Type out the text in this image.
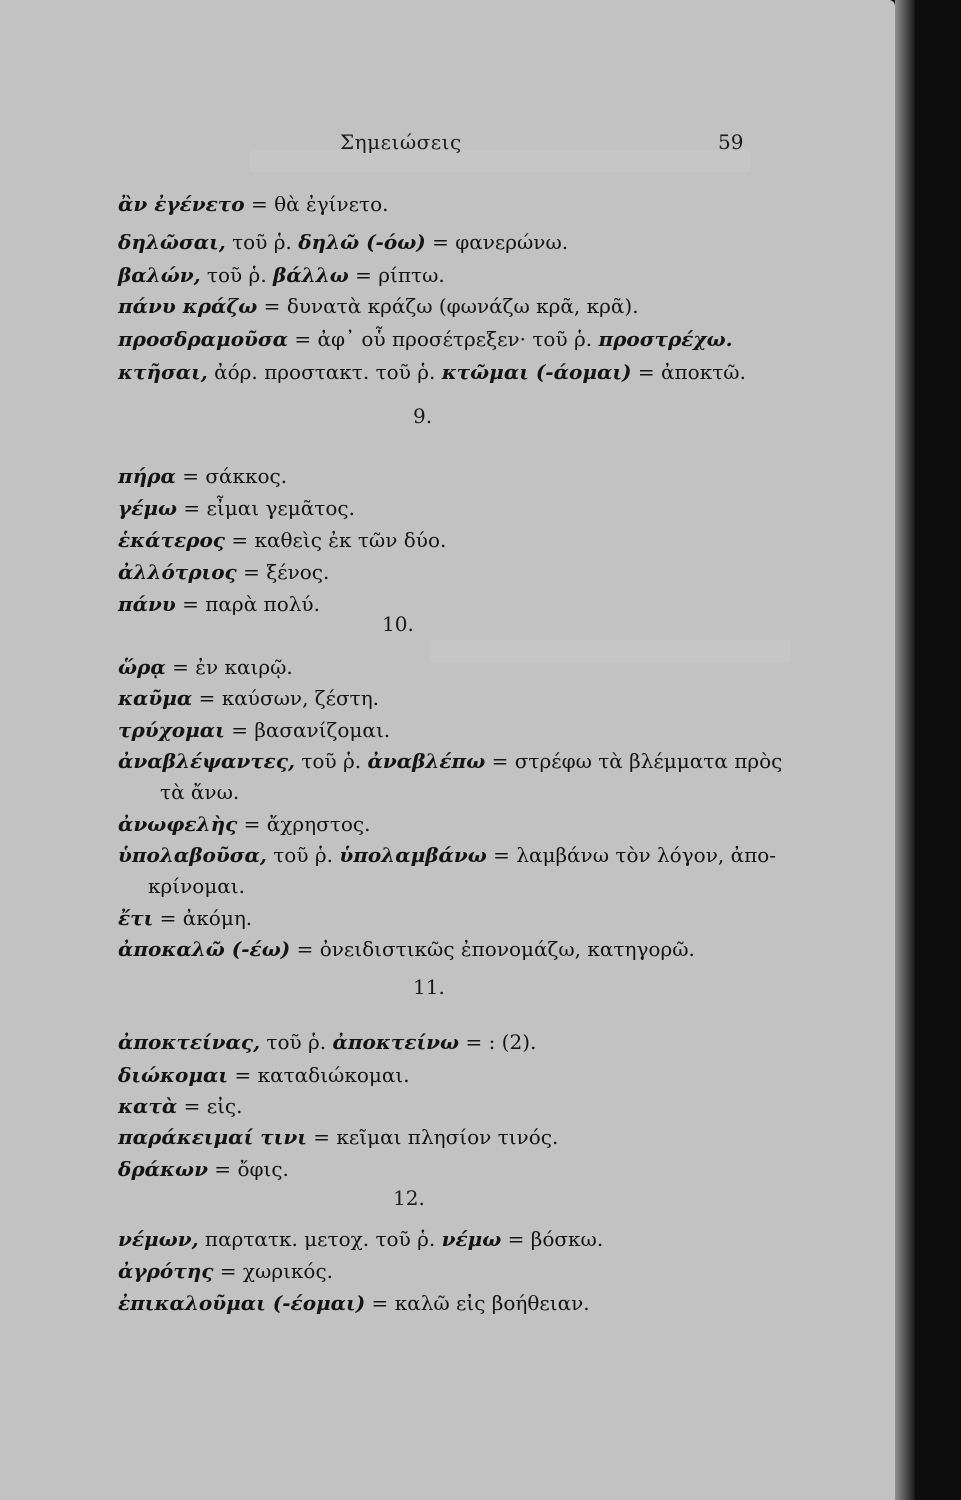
Σημειώσεις	59
ἂν ἐγένετο = θὰ ἐγίνετο.
δηλῶσαι, τοῦ ῥ. δηλῶ (-όω) = φανερώνω.
βαλών, τοῦ ῥ. βάλλω = ρίπτω.
πάνυ κράζω = δυνατὰ κράζω (φωνάζω κρᾶ, κρᾶ).
προσδραμοῦσα = ἀφ᾽ οὗ προσέτρεξεν· τοῦ ῥ. προστρέχω.
κτῆσαι, ἀόρ. προστακτ. τοῦ ῥ. κτῶμαι (-άομαι) = ἀποκτῶ.
9.
πήρα = σάκκος.
γέμω = εἶμαι γεμᾶτος.
ἑκάτερος = καθεὶς ἐκ τῶν δύο.
ἀλλότριος = ξένος.
πάνυ = παρὰ πολύ.
10.
ὥρᾳ = ἐν καιρῷ.
καῦμα = καύσων, ζέστη.
τρύχομαι = βασανίζομαι.
ἀναβλέψαντες, τοῦ ῥ. ἀναβλέπω = στρέφω τὰ βλέμματα πρὸς
τὰ ἄνω.
ἀνωφελὴς = ἄχρηστος.
ὑπολαβοῦσα, τοῦ ῥ. ὑπολαμβάνω = λαμβάνω τὸν λόγον, ἀπο-
κρίνομαι.
ἔτι = ἀκόμη.
ἀποκαλῶ (-έω) = ὀνειδιστικῶς ἐπονομάζω, κατηγορῶ.
11.
ἀποκτείνας, τοῦ ῥ. ἀποκτείνω = : (2).
διώκομαι = καταδιώκομαι.
κατὰ = εἰς.
παράκειμαί τινι = κεῖμαι πλησίον τινός.
δράκων = ὄφις.
12.
νέμων, παρτατκ. μετοχ. τοῦ ῥ. νέμω = βόσκω.
ἀγρότης = χωρικός.
ἐπικαλοῦμαι (-έομαι) = καλῶ εἰς βοήθειαν.
